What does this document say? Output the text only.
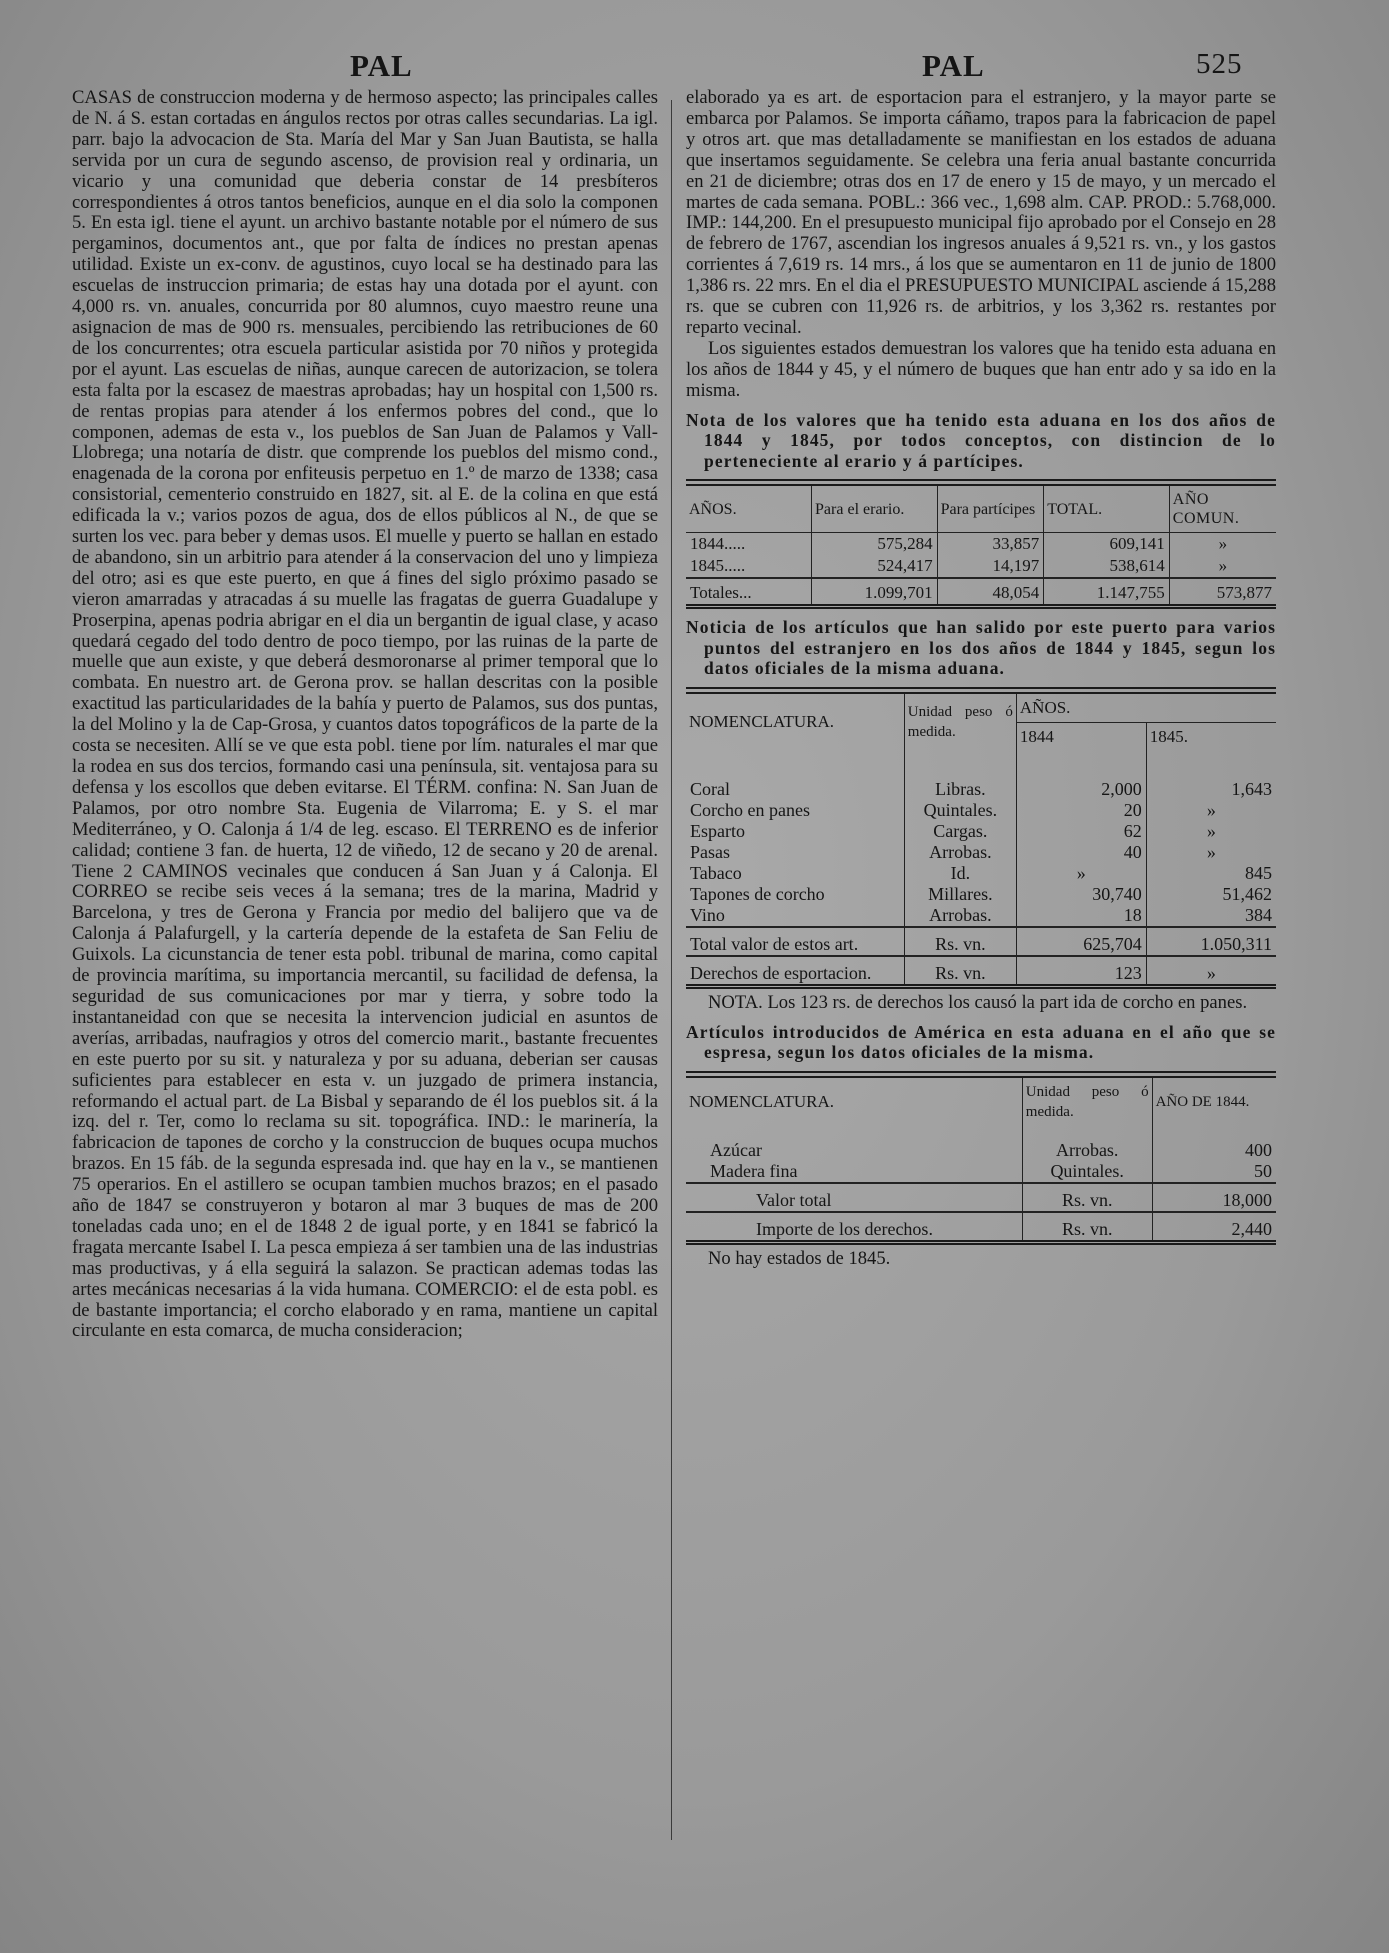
PAL	PAL	525

CASAS de construccion moderna y de hermoso aspecto; las principales calles de N. á S. estan cortadas en ángulos rectos por otras calles secundarias. La igl. parr. bajo la advocacion de Sta. María del Mar y San Juan Bautista, se halla servida por un cura de segundo ascenso, de provision real y ordinaria, un vicario y una comunidad que deberia constar de 14 presbíteros correspondientes á otros tantos beneficios, aunque en el dia solo la componen 5. En esta igl. tiene el ayunt. un archivo bastante notable por el número de sus pergaminos, documentos ant., que por falta de índices no prestan apenas utilidad. Existe un ex-conv. de agustinos, cuyo local se ha destinado para las escuelas de instruccion primaria; de estas hay una dotada por el ayunt. con 4,000 rs. vn. anuales, concurrida por 80 alumnos, cuyo maestro reune una asignacion de mas de 900 rs. mensuales, percibiendo las retribuciones de 60 de los concurrentes; otra escuela particular asistida por 70 niños y protegida por el ayunt. Las escuelas de niñas, aunque carecen de autorizacion, se tolera esta falta por la escasez de maestras aprobadas; hay un hospital con 1,500 rs. de rentas propias para atender á los enfermos pobres del cond., que lo componen, ademas de esta v., los pueblos de San Juan de Palamos y Vall-Llobrega; una notaría de distr. que comprende los pueblos del mismo cond., enagenada de la corona por enfiteusis perpetuo en 1.º de marzo de 1338; casa consistorial, cementerio construido en 1827, sit. al E. de la colina en que está edificada la v.; varios pozos de agua, dos de ellos públicos al N., de que se surten los vec. para beber y demas usos. El muelle y puerto se hallan en estado de abandono, sin un arbitrio para atender á la conservacion del uno y limpieza del otro; asi es que este puerto, en que á fines del siglo próximo pasado se vieron amarradas y atracadas á su muelle las fragatas de guerra Guadalupe y Proserpina, apenas podria abrigar en el dia un bergantin de igual clase, y acaso quedará cegado del todo dentro de poco tiempo, por las ruinas de la parte de muelle que aun existe, y que deberá desmoronarse al primer temporal que lo combata. En nuestro art. de Gerona prov. se hallan descritas con la posible exactitud las particularidades de la bahía y puerto de Palamos, sus dos puntas, la del Molino y la de Cap-Grosa, y cuantos datos topográficos de la parte de la costa se necesiten. Allí se ve que esta pobl. tiene por lím. naturales el mar que la rodea en sus dos tercios, formando casi una península, sit. ventajosa para su defensa y los escollos que deben evitarse. El TÉRM. confina: N. San Juan de Palamos, por otro nombre Sta. Eugenia de Vilarroma; E. y S. el mar Mediterráneo, y O. Calonja á 1/4 de leg. escaso. El TERRENO es de inferior calidad; contiene 3 fan. de huerta, 12 de viñedo, 12 de secano y 20 de arenal. Tiene 2 CAMINOS vecinales que conducen á San Juan y á Calonja. El CORREO se recibe seis veces á la semana; tres de la marina, Madrid y Barcelona, y tres de Gerona y Francia por medio del balijero que va de Calonja á Palafurgell, y la cartería depende de la estafeta de San Feliu de Guixols. La cicunstancia de tener esta pobl. tribunal de marina, como capital de provincia marítima, su importancia mercantil, su facilidad de defensa, la seguridad de sus comunicaciones por mar y tierra, y sobre todo la instantaneidad con que se necesita la intervencion judicial en asuntos de averías, arribadas, naufragios y otros del comercio marit., bastante frecuentes en este puerto por su sit. y naturaleza y por su aduana, deberian ser causas suficientes para establecer en esta v. un juzgado de primera instancia, reformando el actual part. de La Bisbal y separando de él los pueblos sit. á la izq. del r. Ter, como lo reclama su sit. topográfica. IND.: le marinería, la fabricacion de tapones de corcho y la construccion de buques ocupa muchos brazos. En 15 fáb. de la segunda espresada ind. que hay en la v., se mantienen 75 operarios. En el astillero se ocupan tambien muchos brazos; en el pasado año de 1847 se construyeron y botaron al mar 3 buques de mas de 200 toneladas cada uno; en el de 1848 2 de igual porte, y en 1841 se fabricó la fragata mercante Isabel I. La pesca empieza á ser tambien una de las industrias mas productivas, y á ella seguirá la salazon. Se practican ademas todas las artes mecánicas necesarias á la vida humana. COMERCIO: el de esta pobl. es de bastante importancia; el corcho elaborado y en rama, mantiene un capital circulante en esta comarca, de mucha consideracion;

elaborado ya es art. de esportacion para el estranjero, y la mayor parte se embarca por Palamos. Se importa cáñamo, trapos para la fabricacion de papel y otros art. que mas detalladamente se manifiestan en los estados de aduana que insertamos seguidamente. Se celebra una feria anual bastante concurrida en 21 de diciembre; otras dos en 17 de enero y 15 de mayo, y un mercado el martes de cada semana. POBL.: 366 vec., 1,698 alm. CAP. PROD.: 5.768,000. IMP.: 144,200. En el presupuesto municipal fijo aprobado por el Consejo en 28 de febrero de 1767, ascendian los ingresos anuales á 9,521 rs. vn., y los gastos corrientes á 7,619 rs. 14 mrs., á los que se aumentaron en 11 de junio de 1800 1,386 rs. 22 mrs. En el dia el PRESUPUESTO MUNICIPAL asciende á 15,288 rs. que se cubren con 11,926 rs. de arbitrios, y los 3,362 rs. restantes por reparto vecinal.

Los siguientes estados demuestran los valores que ha tenido esta aduana en los años de 1844 y 45, y el número de buques que han entr ado y sa ido en la misma.

Nota de los valores que ha tenido esta aduana en los dos años de 1844 y 1845, por todos conceptos, con distincion de lo perteneciente al erario y á partícipes.

AÑOS.	Para el erario.	Para partícipes	TOTAL.	AÑO COMUN.
1844.....	575,284	33,857	609,141	»
1845.....	524,417	14,197	538,614	»
Totales...	1.099,701	48,054	1.147,755	573,877

Noticia de los artículos que han salido por este puerto para varios puntos del estranjero en los dos años de 1844 y 1845, segun los datos oficiales de la misma aduana.

NOMENCLATURA.	Unidad peso ó medida.	AÑOS.	
		1844	1845.

Coral	Libras.	2,000	1,643
Corcho en panes	Quintales.	20	»
Esparto	Cargas.	62	»
Pasas	Arrobas.	40	»
Tabaco	Id.	»	845
Tapones de corcho	Millares.	30,740	51,462
Vino	Arrobas.	18	384
Total valor de estos art.	Rs. vn.	625,704	1.050,311
Derechos de esportacion.	Rs. vn.	123	»

NOTA. Los 123 rs. de derechos los causó la part ida de corcho en panes.

Artículos introducidos de América en esta aduana en el año que se espresa, segun los datos oficiales de la misma.

NOMENCLATURA.	Unidad peso ó medida.	AÑO DE 1844.

Azúcar	Arrobas.	400
Madera fina	Quintales.	50
Valor total	Rs. vn.	18,000
Importe de los derechos.	Rs. vn.	2,440

No hay estados de 1845.
